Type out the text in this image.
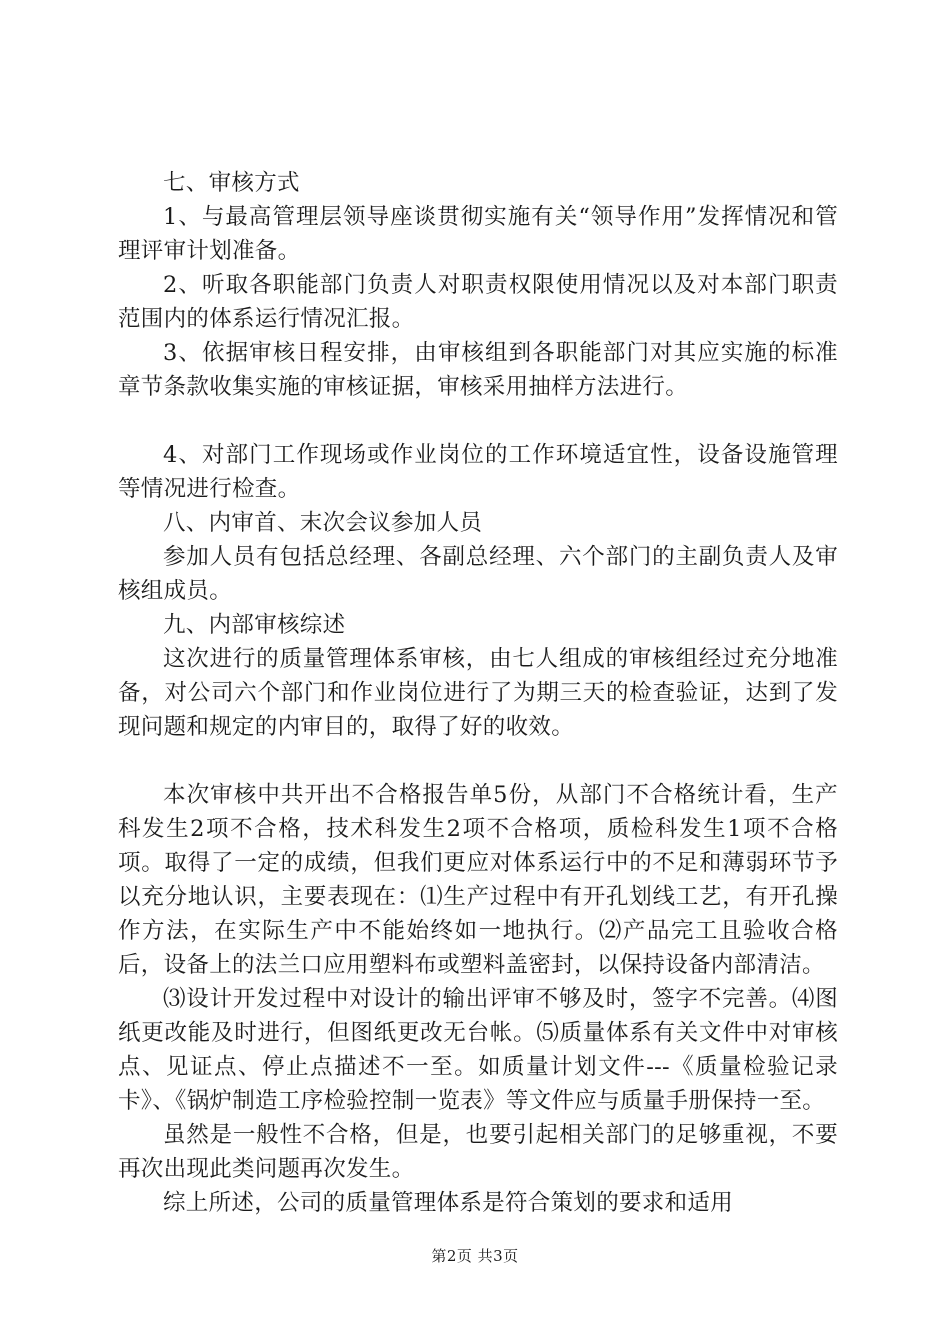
七、审核方式

1、与最高管理层领导座谈贯彻实施有关“领导作用”发挥情况和管理评审计划准备。

2、听取各职能部门负责人对职责权限使用情况以及对本部门职责范围内的体系运行情况汇报。

3、依据审核日程安排，由审核组到各职能部门对其应实施的标准章节条款收集实施的审核证据，审核采用抽样方法进行。

4、对部门工作现场或作业岗位的工作环境适宜性，设备设施管理等情况进行检查。

八、内审首、末次会议参加人员

参加人员有包括总经理、各副总经理、六个部门的主副负责人及审核组成员。

九、内部审核综述

这次进行的质量管理体系审核，由七人组成的审核组经过充分地准备，对公司六个部门和作业岗位进行了为期三天的检查验证，达到了发现问题和规定的内审目的，取得了好的收效。

本次审核中共开出不合格报告单5份，从部门不合格统计看，生产科发生2项不合格，技术科发生2项不合格项，质检科发生1项不合格项。取得了一定的成绩，但我们更应对体系运行中的不足和薄弱环节予以充分地认识，主要表现在：⑴生产过程中有开孔划线工艺，有开孔操作方法，在实际生产中不能始终如一地执行。⑵产品完工且验收合格后，设备上的法兰口应用塑料布或塑料盖密封，以保持设备内部清洁。

⑶设计开发过程中对设计的输出评审不够及时，签字不完善。⑷图纸更改能及时进行，但图纸更改无台帐。⑸质量体系有关文件中对审核点、见证点、停止点描述不一至。如质量计划文件---《质量检验记录卡》、《锅炉制造工序检验控制一览表》等文件应与质量手册保持一至。

虽然是一般性不合格，但是，也要引起相关部门的足够重视，不要再次出现此类问题再次发生。

综上所述，公司的质量管理体系是符合策划的要求和适用

第2页 共3页
